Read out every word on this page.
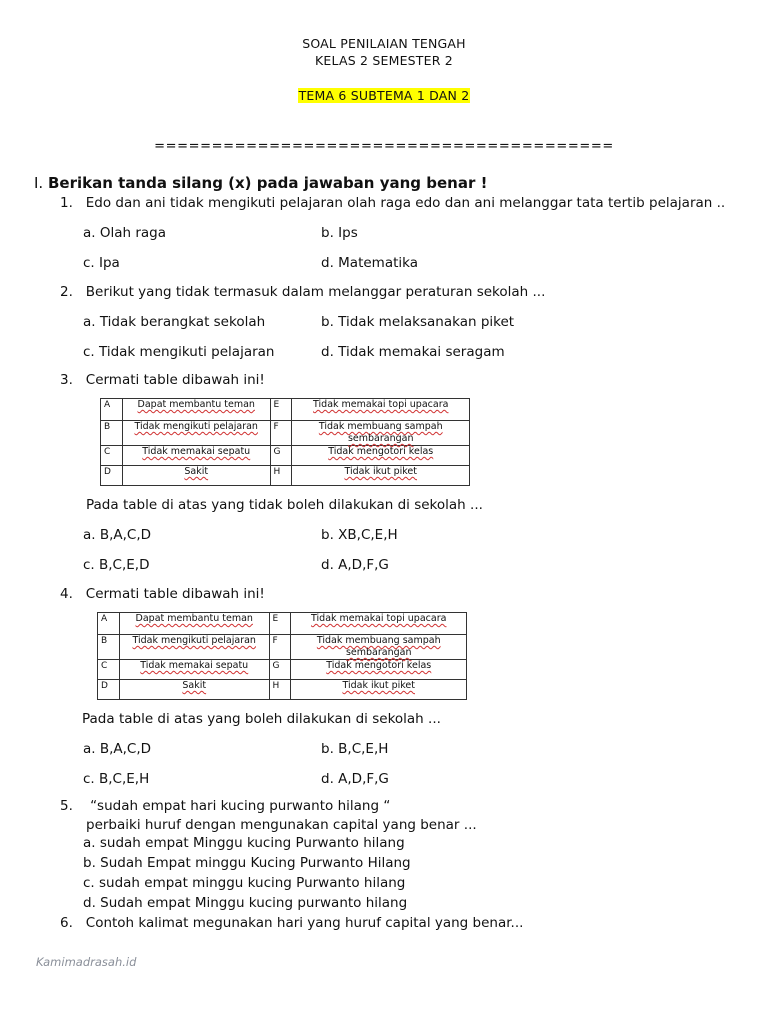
SOAL PENILAIAN TENGAH
KELAS 2 SEMESTER 2
TEMA 6 SUBTEMA 1 DAN 2
========================================
I. Berikan tanda silang (x) pada jawaban yang benar !
1. Edo dan ani tidak mengikuti pelajaran olah raga edo dan ani melanggar tata tertib pelajaran ..
a. Olah raga	b. Ips
c. Ipa	d. Matematika
2. Berikut yang tidak termasuk dalam melanggar peraturan sekolah ...
a. Tidak berangkat sekolah	b. Tidak melaksanakan piket
c. Tidak mengikuti pelajaran	d. Tidak memakai seragam
3. Cermati table dibawah ini!
A	Dapat membantu teman	E	Tidak memakai topi upacara
B	Tidak mengikuti pelajaran	F	Tidak membuang sampah sembarangan
C	Tidak memakai sepatu	G	Tidak mengotori kelas
D	Sakit	H	Tidak ikut piket
Pada table di atas yang tidak boleh dilakukan di sekolah ...
a. B,A,C,D	b. XB,C,E,H
c. B,C,E,D	d. A,D,F,G
4. Cermati table dibawah ini!
A	Dapat membantu teman	E	Tidak memakai topi upacara
B	Tidak mengikuti pelajaran	F	Tidak membuang sampah sembarangan
C	Tidak memakai sepatu	G	Tidak mengotori kelas
D	Sakit	H	Tidak ikut piket
Pada table di atas yang boleh dilakukan di sekolah ...
a. B,A,C,D	b. B,C,E,H
c. B,C,E,H	d. A,D,F,G
5. “sudah empat hari kucing purwanto hilang “
perbaiki huruf dengan mengunakan capital yang benar ...
a. sudah empat Minggu kucing Purwanto hilang
b. Sudah Empat minggu Kucing Purwanto Hilang
c. sudah empat minggu kucing Purwanto hilang
d. Sudah empat Minggu kucing purwanto hilang
6. Contoh kalimat megunakan hari yang huruf capital yang benar...
Kamimadrasah.id
